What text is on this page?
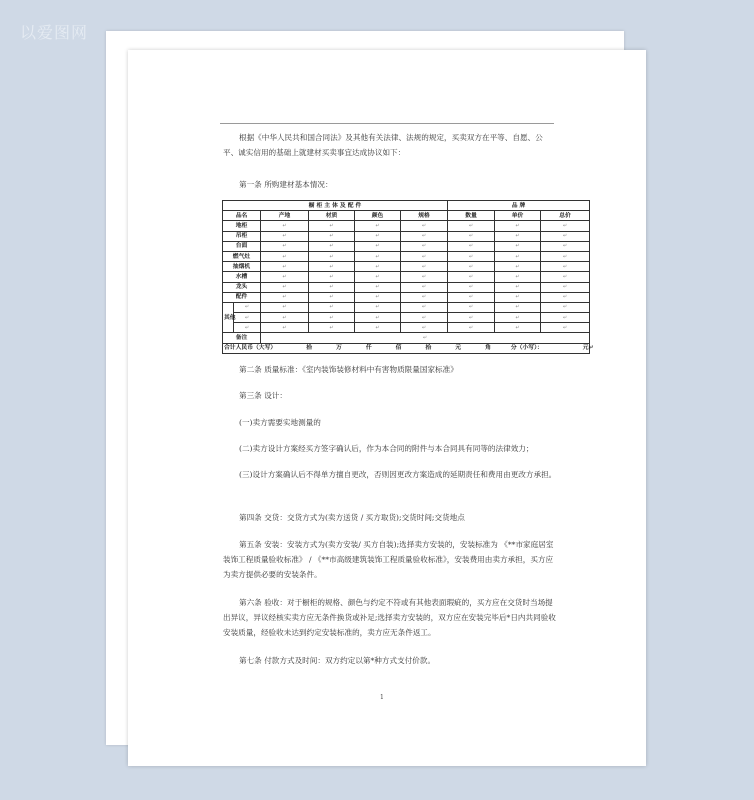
以爱图网

根据《中华人民共和国合同法》及其他有关法律、法规的规定，买卖双方在平等、自愿、公平、诚实信用的基础上就建材买卖事宜达成协议如下：

第一条 所购建材基本情况：

橱 柜 主 体 及 配 件						品 牌		
品名		产地	材质	颜色	规格	数量	单价	总价
地柜		↵	↵	↵	↵	↵	↵	↵
吊柜		↵	↵	↵	↵	↵	↵	↵
台面		↵	↵	↵	↵	↵	↵	↵
燃气灶		↵	↵	↵	↵	↵	↵	↵
抽烟机		↵	↵	↵	↵	↵	↵	↵
水槽		↵	↵	↵	↵	↵	↵	↵
龙头		↵	↵	↵	↵	↵	↵	↵
配件		↵	↵	↵	↵	↵	↵	↵
其他	↵	↵	↵	↵	↵	↵	↵	↵
	↵	↵	↵	↵	↵	↵	↵	↵
	↵	↵	↵	↵	↵	↵	↵	↵
备注		↵						
合计人民币（大写） 拾 万 仟 佰 拾 元 角 分（小写）： 元↵								

第二条 质量标准：《室内装饰装修材料中有害物质限量国家标准》

第三条 设计：

(一)卖方需要实地测量的

(二)卖方设计方案经买方签字确认后，作为本合同的附件与本合同具有同等的法律效力；

(三)设计方案确认后不得单方擅自更改，否则因更改方案造成的延期责任和费用由更改方承担。

第四条 交货：交货方式为(卖方送货 / 买方取货);交货时间;交货地点

第五条 安装：安装方式为(卖方安装/ 买方自装);选择卖方安装的，安装标准为 《**市家庭居室装饰工程质量验收标准》 / 《**市高级建筑装饰工程质量验收标准》，安装费用由卖方承担，买方应为卖方提供必要的安装条件。

第六条 验收：对于橱柜的规格、颜色与约定不符或有其他表面瑕疵的，买方应在交货时当场提出异议，异议经核实卖方应无条件换货或补足;选择卖方安装的，双方应在安装完毕后*日内共同验收安装质量，经验收未达到约定安装标准的，卖方应无条件返工。

第七条 付款方式及时间：双方约定以第*种方式支付价款。

1
